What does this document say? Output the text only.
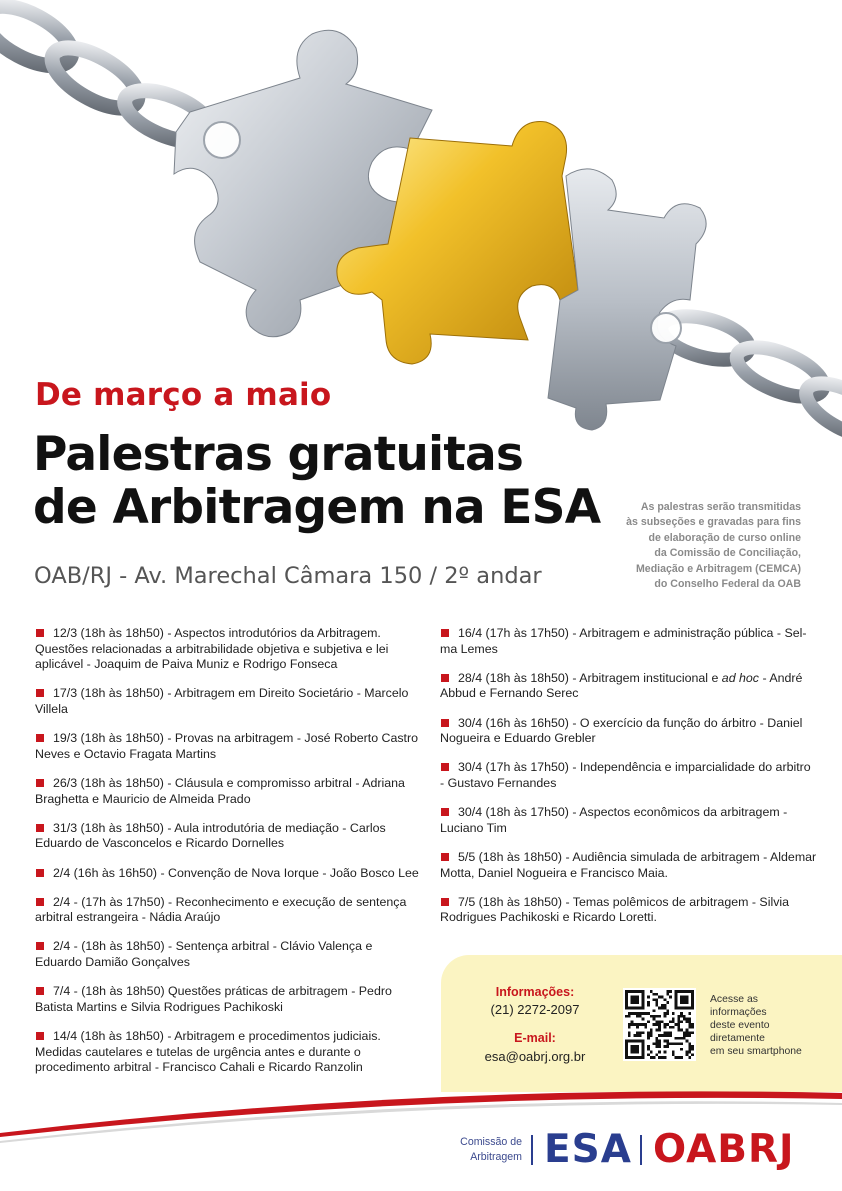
De março a maio
Palestras gratuitas
de Arbitragem na ESA
OAB/RJ - Av. Marechal Câmara 150 / 2º andar
As palestras serão transmitidas
às subseções e gravadas para fins
de elaboração de curso online
da Comissão de Conciliação,
Mediação e Arbitragem (CEMCA)
do Conselho Federal da OAB
12/3 (18h às 18h50) - Aspectos introdutórios da Arbitragem.
Questões relacionadas a arbitrabilidade objetiva e subjetiva e lei
aplicável - Joaquim de Paiva Muniz e Rodrigo Fonseca
17/3 (18h às 18h50) - Arbitragem em Direito Societário - Marcelo
Villela
19/3 (18h às 18h50) - Provas na arbitragem - José Roberto Castro
Neves e Octavio Fragata Martins
26/3 (18h às 18h50) - Cláusula e compromisso arbitral - Adriana
Braghetta e Mauricio de Almeida Prado
31/3 (18h às 18h50) - Aula introdutória de mediação - Carlos
Eduardo de Vasconcelos e Ricardo Dornelles
2/4 (16h às 16h50) - Convenção de Nova Iorque - João Bosco Lee
2/4 - (17h às 17h50) - Reconhecimento e execução de sentença
arbitral estrangeira - Nádia Araújo
2/4 - (18h às 18h50) - Sentença arbitral - Clávio Valença e
Eduardo Damião Gonçalves
7/4 - (18h às 18h50) Questões práticas de arbitragem - Pedro
Batista Martins e Silvia Rodrigues Pachikoski
14/4 (18h às 18h50) - Arbitragem e procedimentos judiciais.
Medidas cautelares e tutelas de urgência antes e durante o
procedimento arbitral - Francisco Cahali e Ricardo Ranzolin
16/4 (17h às 17h50) - Arbitragem e administração pública - Sel-
ma Lemes
28/4 (18h às 18h50) - Arbitragem institucional e ad hoc - André
Abbud e Fernando Serec
30/4 (16h às 16h50) - O exercício da função do árbitro - Daniel
Nogueira e Eduardo Grebler
30/4 (17h às 17h50) - Independência e imparcialidade do arbitro
- Gustavo Fernandes
30/4 (18h às 17h50) - Aspectos econômicos da arbitragem -
Luciano Tim
5/5 (18h às 18h50) - Audiência simulada de arbitragem - Aldemar
Motta, Daniel Nogueira e Francisco Maia.
7/5 (18h às 18h50) - Temas polêmicos de arbitragem - Silvia
Rodrigues Pachikoski e Ricardo Loretti.
Informações:
(21) 2272-2097
E-mail:
esa@oabrj.org.br
Acesse as
informações
deste evento
diretamente
em seu smartphone
Comissão de
Arbitragem ESA OABRJ
